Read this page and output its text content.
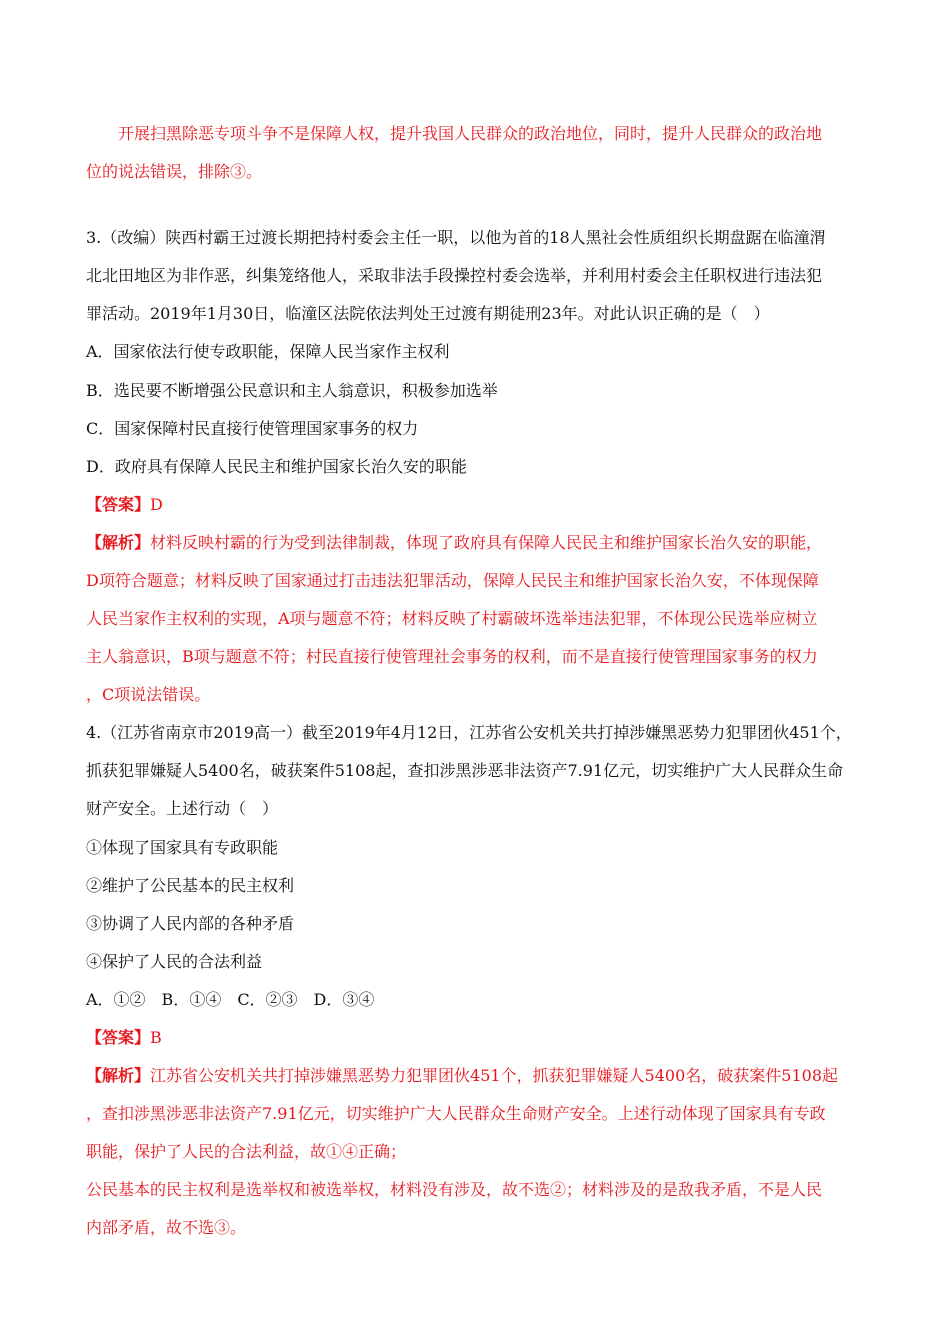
开展扫黑除恶专项斗争不是保障人权，提升我国人民群众的政治地位，同时，提升人民群众的政治地
位的说法错误，排除③。
3.（改编）陕西村霸王过渡长期把持村委会主任一职，以他为首的18人黑社会性质组织长期盘踞在临潼渭
北北田地区为非作恶，纠集笼络他人，采取非法手段操控村委会选举，并利用村委会主任职权进行违法犯
罪活动。2019年1月30日，临潼区法院依法判处王过渡有期徒刑23年。对此认识正确的是（　）
A．国家依法行使专政职能，保障人民当家作主权利
B．选民要不断增强公民意识和主人翁意识，积极参加选举
C．国家保障村民直接行使管理国家事务的权力
D．政府具有保障人民民主和维护国家长治久安的职能
【答案】D
【解析】材料反映村霸的行为受到法律制裁，体现了政府具有保障人民民主和维护国家长治久安的职能，
D项符合题意；材料反映了国家通过打击违法犯罪活动，保障人民民主和维护国家长治久安，不体现保障
人民当家作主权利的实现，A项与题意不符；材料反映了村霸破坏选举违法犯罪，不体现公民选举应树立
主人翁意识，B项与题意不符；村民直接行使管理社会事务的权利，而不是直接行使管理国家事务的权力
，C项说法错误。
4.（江苏省南京市2019高一）截至2019年4月12日，江苏省公安机关共打掉涉嫌黑恶势力犯罪团伙451个，
抓获犯罪嫌疑人5400名，破获案件5108起，查扣涉黑涉恶非法资产7.91亿元，切实维护广大人民群众生命
财产安全。上述行动（　）
①体现了国家具有专政职能
②维护了公民基本的民主权利
③协调了人民内部的各种矛盾
④保护了人民的合法利益
A．①②　B．①④　C．②③　D．③④
【答案】B
【解析】江苏省公安机关共打掉涉嫌黑恶势力犯罪团伙451个，抓获犯罪嫌疑人5400名，破获案件5108起
，查扣涉黑涉恶非法资产7.91亿元，切实维护广大人民群众生命财产安全。上述行动体现了国家具有专政
职能，保护了人民的合法利益，故①④正确；
公民基本的民主权利是选举权和被选举权，材料没有涉及，故不选②；材料涉及的是敌我矛盾，不是人民
内部矛盾，故不选③。
